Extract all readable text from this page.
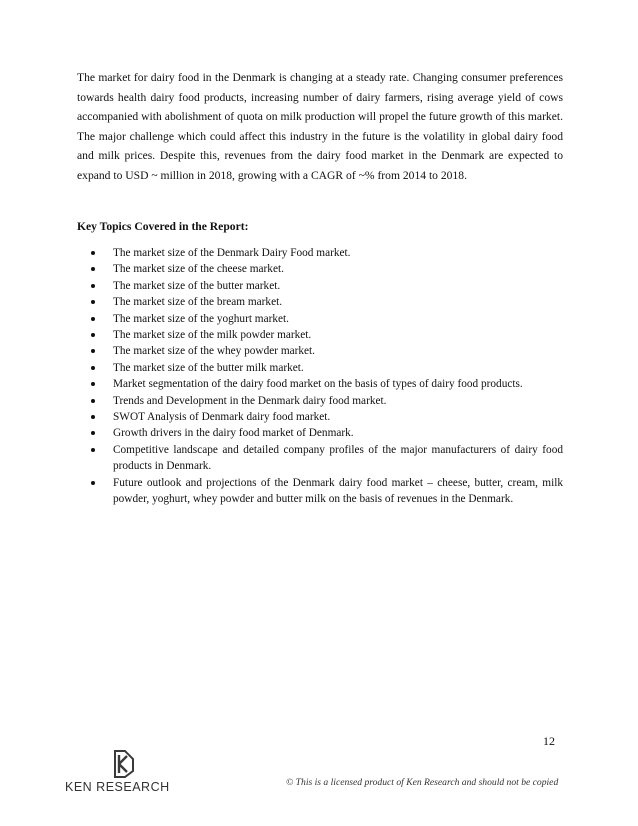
The market for dairy food in the Denmark is changing at a steady rate. Changing consumer preferences towards health dairy food products, increasing number of dairy farmers, rising average yield of cows accompanied with abolishment of quota on milk production will propel the future growth of this market. The major challenge which could affect this industry in the future is the volatility in global dairy food and milk prices. Despite this, revenues from the dairy food market in the Denmark are expected to expand to USD ~ million in 2018, growing with a CAGR of ~% from 2014 to 2018.

Key Topics Covered in the Report:

The market size of the Denmark Dairy Food market.
The market size of the cheese market.
The market size of the butter market.
The market size of the bream market.
The market size of the yoghurt market.
The market size of the milk powder market.
The market size of the whey powder market.
The market size of the butter milk market.
Market segmentation of the dairy food market on the basis of types of dairy food products.
Trends and Development in the Denmark dairy food market.
SWOT Analysis of Denmark dairy food market.
Growth drivers in the dairy food market of Denmark.
Competitive landscape and detailed company profiles of the major manufacturers of dairy food products in Denmark.
Future outlook and projections of the Denmark dairy food market – cheese, butter, cream, milk powder, yoghurt, whey powder and butter milk on the basis of revenues in the Denmark.
12
KEN RESEARCH	© This is a licensed product of Ken Research and should not be copied
